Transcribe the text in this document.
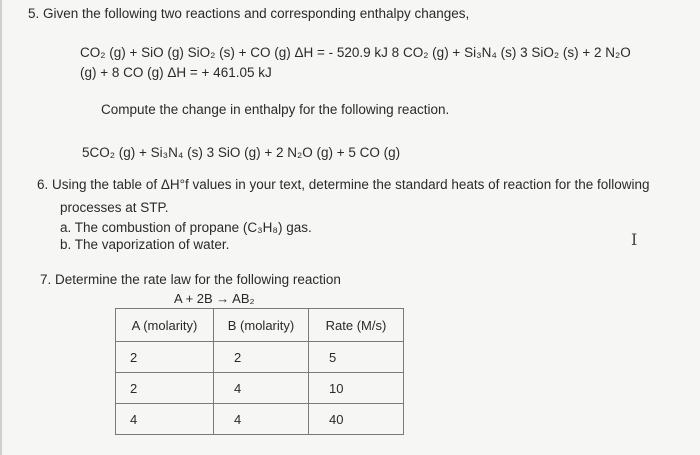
5. Given the following two reactions and corresponding enthalpy changes,
CO₂ (g) + SiO (g) SiO₂ (s) + CO (g) ΔH = - 520.9 kJ 8 CO₂ (g) + Si₃N₄ (s) 3 SiO₂ (s) + 2 N₂O
(g) + 8 CO (g) ΔH = + 461.05 kJ
Compute the change in enthalpy for the following reaction.
5CO₂ (g) + Si₃N₄ (s) 3 SiO (g) + 2 N₂O (g) + 5 CO (g)
6. Using the table of ΔH°f values in your text, determine the standard heats of reaction for the following
processes at STP.
a. The combustion of propane (C₃H₈) gas.
b. The vaporization of water.	I
7. Determine the rate law for the following reaction
A + 2B → AB₂
A (molarity)	B (molarity)	Rate (M/s)
2	2	5
2	4	10
4	4	40
